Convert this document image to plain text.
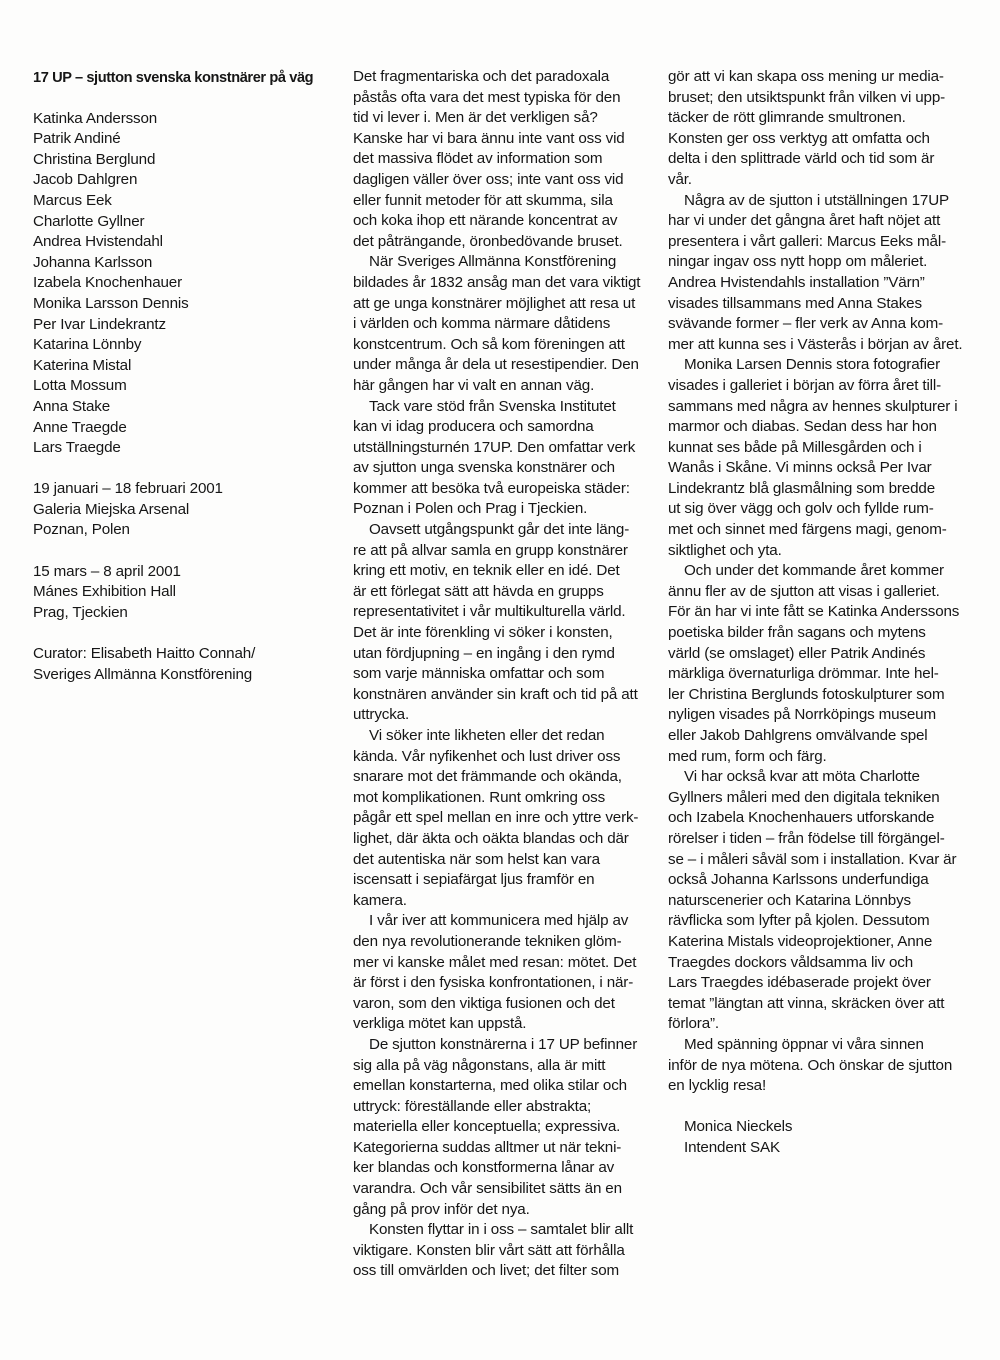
17 UP – sjutton svenska konstnärer på väg
Katinka Andersson
Patrik Andiné
Christina Berglund
Jacob Dahlgren
Marcus Eek
Charlotte Gyllner
Andrea Hvistendahl
Johanna Karlsson
Izabela Knochenhauer
Monika Larsson Dennis
Per Ivar Lindekrantz
Katarina Lönnby
Katerina Mistal
Lotta Mossum
Anna Stake
Anne Traegde
Lars Traegde
19 januari – 18 februari 2001
Galeria Miejska Arsenal
Poznan, Polen
15 mars – 8 april 2001
Mánes Exhibition Hall
Prag, Tjeckien
Curator: Elisabeth Haitto Connah/
Sveriges Allmänna Konstförening

Det fragmentariska och det paradoxala
påstås ofta vara det mest typiska för den
tid vi lever i. Men är det verkligen så?
Kanske har vi bara ännu inte vant oss vid
det massiva flödet av information som
dagligen väller över oss; inte vant oss vid
eller funnit metoder för att skumma, sila
och koka ihop ett närande koncentrat av
det påträngande, öronbedövande bruset.

När Sveriges Allmänna Konstförening
bildades år 1832 ansåg man det vara viktigt
att ge unga konstnärer möjlighet att resa ut
i världen och komma närmare dåtidens
konstcentrum. Och så kom föreningen att
under många år dela ut resestipendier. Den
här gången har vi valt en annan väg.

Tack vare stöd från Svenska Institutet
kan vi idag producera och samordna
utställningsturnén 17UP. Den omfattar verk
av sjutton unga svenska konstnärer och
kommer att besöka två europeiska städer:
Poznan i Polen och Prag i Tjeckien.

Oavsett utgångspunkt går det inte läng-
re att på allvar samla en grupp konstnärer
kring ett motiv, en teknik eller en idé. Det
är ett förlegat sätt att hävda en grupps
representativitet i vår multikulturella värld.
Det är inte förenkling vi söker i konsten,
utan fördjupning – en ingång i den rymd
som varje människa omfattar och som
konstnären använder sin kraft och tid på att
uttrycka.

Vi söker inte likheten eller det redan
kända. Vår nyfikenhet och lust driver oss
snarare mot det främmande och okända,
mot komplikationen. Runt omkring oss
pågår ett spel mellan en inre och yttre verk-
lighet, där äkta och oäkta blandas och där
det autentiska när som helst kan vara
iscensatt i sepiafärgat ljus framför en
kamera.

I vår iver att kommunicera med hjälp av
den nya revolutionerande tekniken glöm-
mer vi kanske målet med resan: mötet. Det
är först i den fysiska konfrontationen, i när-
varon, som den viktiga fusionen och det
verkliga mötet kan uppstå.

De sjutton konstnärerna i 17 UP befinner
sig alla på väg någonstans, alla är mitt
emellan konstarterna, med olika stilar och
uttryck: föreställande eller abstrakta;
materiella eller konceptuella; expressiva.
Kategorierna suddas alltmer ut när tekni-
ker blandas och konstformerna lånar av
varandra. Och vår sensibilitet sätts än en
gång på prov inför det nya.

Konsten flyttar in i oss – samtalet blir allt
viktigare. Konsten blir vårt sätt att förhålla
oss till omvärlden och livet; det filter som

gör att vi kan skapa oss mening ur media-
bruset; den utsiktspunkt från vilken vi upp-
täcker de rött glimrande smultronen.
Konsten ger oss verktyg att omfatta och
delta i den splittrade värld och tid som är
vår.

Några av de sjutton i utställningen 17UP
har vi under det gångna året haft nöjet att
presentera i vårt galleri: Marcus Eeks mål-
ningar ingav oss nytt hopp om måleriet.
Andrea Hvistendahls installation ”Värn”
visades tillsammans med Anna Stakes
svävande former – fler verk av Anna kom-
mer att kunna ses i Västerås i början av året.

Monika Larsen Dennis stora fotografier
visades i galleriet i början av förra året till-
sammans med några av hennes skulpturer i
marmor och diabas. Sedan dess har hon
kunnat ses både på Millesgården och i
Wanås i Skåne. Vi minns också Per Ivar
Lindekrantz blå glasmålning som bredde
ut sig över vägg och golv och fyllde rum-
met och sinnet med färgens magi, genom-
siktlighet och yta.

Och under det kommande året kommer
ännu fler av de sjutton att visas i galleriet.
För än har vi inte fått se Katinka Anderssons
poetiska bilder från sagans och mytens
värld (se omslaget) eller Patrik Andinés
märkliga övernaturliga drömmar. Inte hel-
ler Christina Berglunds fotoskulpturer som
nyligen visades på Norrköpings museum
eller Jakob Dahlgrens omvälvande spel
med rum, form och färg.

Vi har också kvar att möta Charlotte
Gyllners måleri med den digitala tekniken
och Izabela Knochenhauers utforskande
rörelser i tiden – från födelse till förgängel-
se – i måleri såväl som i installation. Kvar är
också Johanna Karlssons underfundiga
naturscenerier och Katarina Lönnbys
rävflicka som lyfter på kjolen. Dessutom
Katerina Mistals videoprojektioner, Anne
Traegdes dockors våldsamma liv och
Lars Traegdes idébaserade projekt över
temat ”längtan att vinna, skräcken över att
förlora”.

Med spänning öppnar vi våra sinnen
inför de nya mötena. Och önskar de sjutton
en lycklig resa!

Monica Nieckels
Intendent SAK
